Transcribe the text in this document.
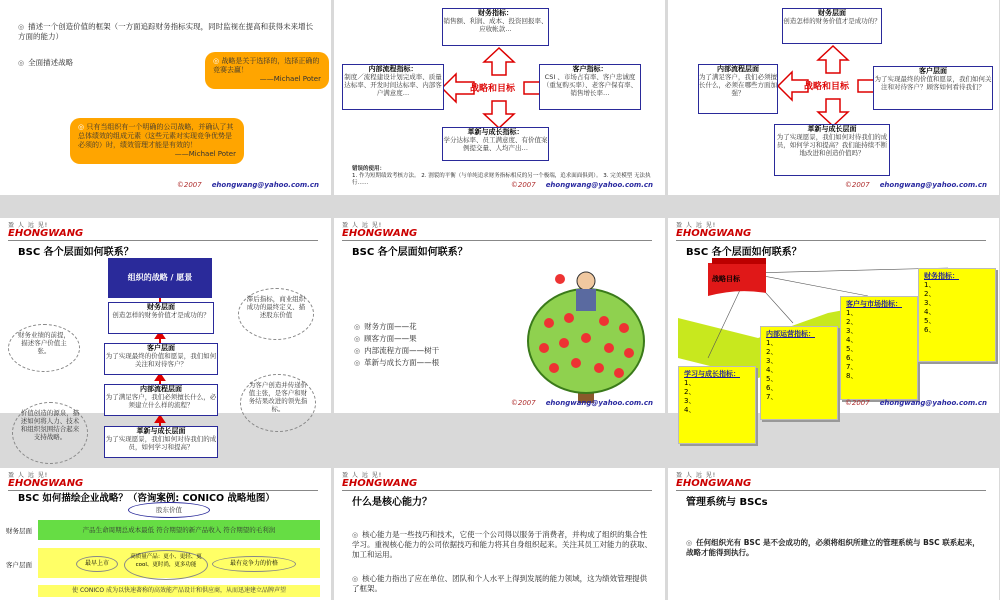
◎ 描述一个创造价值的框架（一方面追踪财务指标实现，同时监视在提高和获得未来增长方面的能力）
◎ 全面描述战略	◎ 战略是关于选择的，选择正确的竞赛去赢！
——Michael Poter
◎ 只有当组织有一个明确的公司战略，并确认了其总体绩效的组成元素（这些元素对实现竞争优势是必须的）时，绩效管理才能是有效的！
——Michael Poter
©2007 ehongwang@yahoo.com.cn
财务指标：
销售额、利润、成本、投资回报率、应收帐款…
内部流程指标：
制度／流程建设计划完成率、质量达标率、开发时间达标率、内部客户满意度…	战略和目标
客户指标：
CSI 、市场占有率、客户忠诚度（重复购买率）、老客户保有率、销售增长率…
革新与成长指标：
学分达标率、员工满意度、有价值案例提交量、人均产出…
错误的使用：
1. 作为短期绩效考核方法。 2. 割裂的平衡（与单纯追求财务指标相反的另一个极端，追求面面俱到）。 3. 完美模型 无法执行……	©2007 ehongwang@yahoo.com.cn
财务层面
创造怎样的财务价值才是成功的？
内部流程层面
为了满足客户，我们必须擅长什么，必须在哪些方面加强？
战略和目标
客户层面
为了实现最终的价值和愿景，我们如何关注和对待客户？顾客如何看待我们？
革新与成长层面
为了实现愿景，我们如何对待我们的成员，如何学习和提高？我们能持续不断地改进和创造价值吗？
©2007 ehongwang@yahoo.com.cn
盈 人 远 见!
EHONGWANG
BSC 各个层面如何联系？
组织的战略 / 愿景
财务层面
创造怎样的财务价值才是成功的？
客户层面
为了实现最终的价值和愿景，我们如何关注和对待客户？
内部流程层面
为了满足客户，我们必须擅长什么，必须建立什么样的流程？
革新与成长层面
为了实现愿景，我们如何对待我们的成员，如何学习和提高？
滞后指标，商业组织成功的最终定义、描述股东价值
财务业绩的前提，描述客户价值主张。
为客户创造并传递价值主张，是客户和财务结果改进的领先指标。
价值创造的源泉，描述如何将人力、技术和组织氛围结合起来支持战略。
盈 人 远 见!
EHONGWANG
BSC 各个层面如何联系？
◎ 财务方面——花
◎ 顾客方面——果
◎ 内部流程方面——树干
◎ 革新与成长方面——根
©2007 ehongwang@yahoo.com.cn
盈 人 远 见!
EHONGWANG
BSC 各个层面如何联系？
战略目标
学习与成长指标：
1、
2、
3、
4、
内部运营指标：
1、
2、
3、
4、
5、
6、
7、
客户与市场指标：
1、
2、
3、
4、
5、
6、
7、
8、
财务指标：
1、
2、
3、
4、
5、
6、
©2007 ehongwang@yahoo.com.cn
盈 人 远 见!
EHONGWANG
BSC 如何描绘企业战略？（咨询案例: CONICO 战略地图）
股东价值
财务层面	产品生命周期总成本最低 符合期望的新产品收入 符合期望的毛利润
客户层面	最早上市
高质量产品：更小、更轻、更 cool、更时尚，更多功能	最有竞争力的价格
使 CONICO 成为以快速著称的高效能产品设计和供应商，从而迅速建立品牌声望
盈 人 远 见!
EHONGWANG
什么是核心能力？
◎ 核心能力是一些技巧和技术，它使一个公司得以服务于消费者，并构成了组织的集合性学习。重视核心能力的公司依据技巧和能力将其自身组织起来。关注其员工对能力的获取、加工和运用。
◎ 核心能力指出了应在单位、团队和个人水平上得到发展的能力领域，这为绩效管理提供了框架。
盈 人 远 见!
EHONGWANG
管理系统与 BSCs
◎ 任何组织光有 BSC 是不会成功的，必须将组织所建立的管理系统与 BSC 联系起来，战略才能得到执行。
